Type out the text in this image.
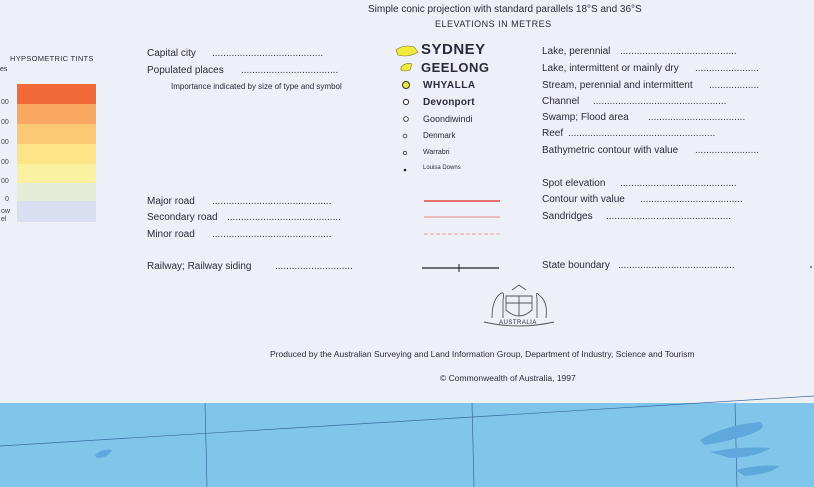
Simple conic projection with standard parallels 18°S and 36°S
ELEVATIONS IN METRES
HYPSOMETRIC TINTS
es
00
00
00
00
00
0
ow
el
Capital city ........................................
Populated places ...................................
Importance indicated by size of type and symbol
SYDNEY
GEELONG
WHYALLA
Devonport
Goondiwindi
Denmark
Warrabri
Louisa Downs
Major road ...........................................
Secondary road .........................................
Minor road ...........................................
Railway; Railway siding ............................
Lake, perennial ..........................................
Lake, intermittent or mainly dry .......................
Stream, perennial and intermittent ..................
Channel ................................................
Swamp; Flood area ...................................
Reef .....................................................
Bathymetric contour with value .......................
Spot elevation ..........................................
Contour with value .....................................
Sandridges .............................................
State boundary ..........................................
AUSTRALIA
Produced by the Australian Surveying and Land Information Group, Department of Industry, Science and Tourism
© Commonwealth of Australia, 1997
